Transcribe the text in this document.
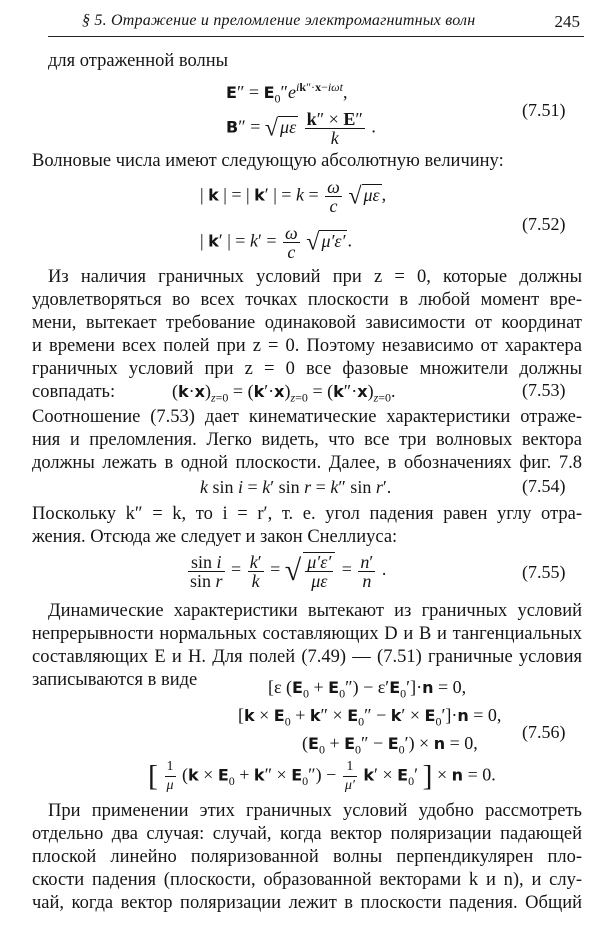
§ 5. Отражение и преломление электромагнитных волн	245
для отраженной волны
$E'' = E_0''e^{ik''\cdot x-i\omega t}$,
B″ = √ με $\frac{k'' \times E''}{k}$ .
(7.51)
Волновые числа имеют следующую абсолютную величину:
| k | = | k′ | = $k = \frac{\omega}{c}$ √ με ,
| k′ | = $k' = \frac{\omega}{c}$ √ μ′ε′ .
(7.52)
Из наличия граничных условий при z = 0, которые должны
удовлетворяться во всех точках плоскости в любой момент вре-
мени, вытекает требование одинаковой зависимости от координат
и времени всех полей при z = 0. Поэтому независимо от характера
граничных условий при z = 0 все фазовые множители должны
совпадать:	$(k\cdot x)_{z=0} = (k'\cdot x)_{z=0} = (k''\cdot x)_{z=0}$.	(7.53)
Соотношение (7.53) дает кинематические характеристики отраже-
ния и преломления. Легко видеть, что все три волновых вектора
должны лежать в одной плоскости. Далее, в обозначениях фиг. 7.8
k sin i = k′ sin r = k″ sin r′.	(7.54)
Поскольку k″ = k, то i = r′, т. е. угол падения равен углу отра-
жения. Отсюда же следует и закон Снеллиуса:
$\frac{\text{sin i}}{\text{sin r}} = \frac{k'}{k}$ = √ $\frac{\mu'\varepsilon'}{\mu\varepsilon} = \frac{n'}{n}$ .	(7.55)
Динамические характеристики вытекают из граничных условий
непрерывности нормальных составляющих D и B и тангенциальных
составляющих E и H. Для полей (7.49) — (7.51) граничные условия
записываются в виде	[ε $(E_0 + E_0'') - \varepsilon'E_0']\cdot n = 0$,
$[k \times E_0 + k'' \times E_0'' - k' \times E_0']\cdot n = 0$,
$(E_0 + E_0'' - E_0') \times n = 0$,
[ $\frac{1}{\mu} (k \times E_0 + k'' \times E_0'') - \frac{1}{\mu'} k' \times E_0'$ ] × n = 0.
(7.56)
При применении этих граничных условий удобно рассмотреть
отдельно два случая: случай, когда вектор поляризации падающей
плоской линейно поляризованной волны перпендикулярен пло-
скости падения (плоскости, образованной векторами k и n), и слу-
чай, когда вектор поляризации лежит в плоскости падения. Общий
